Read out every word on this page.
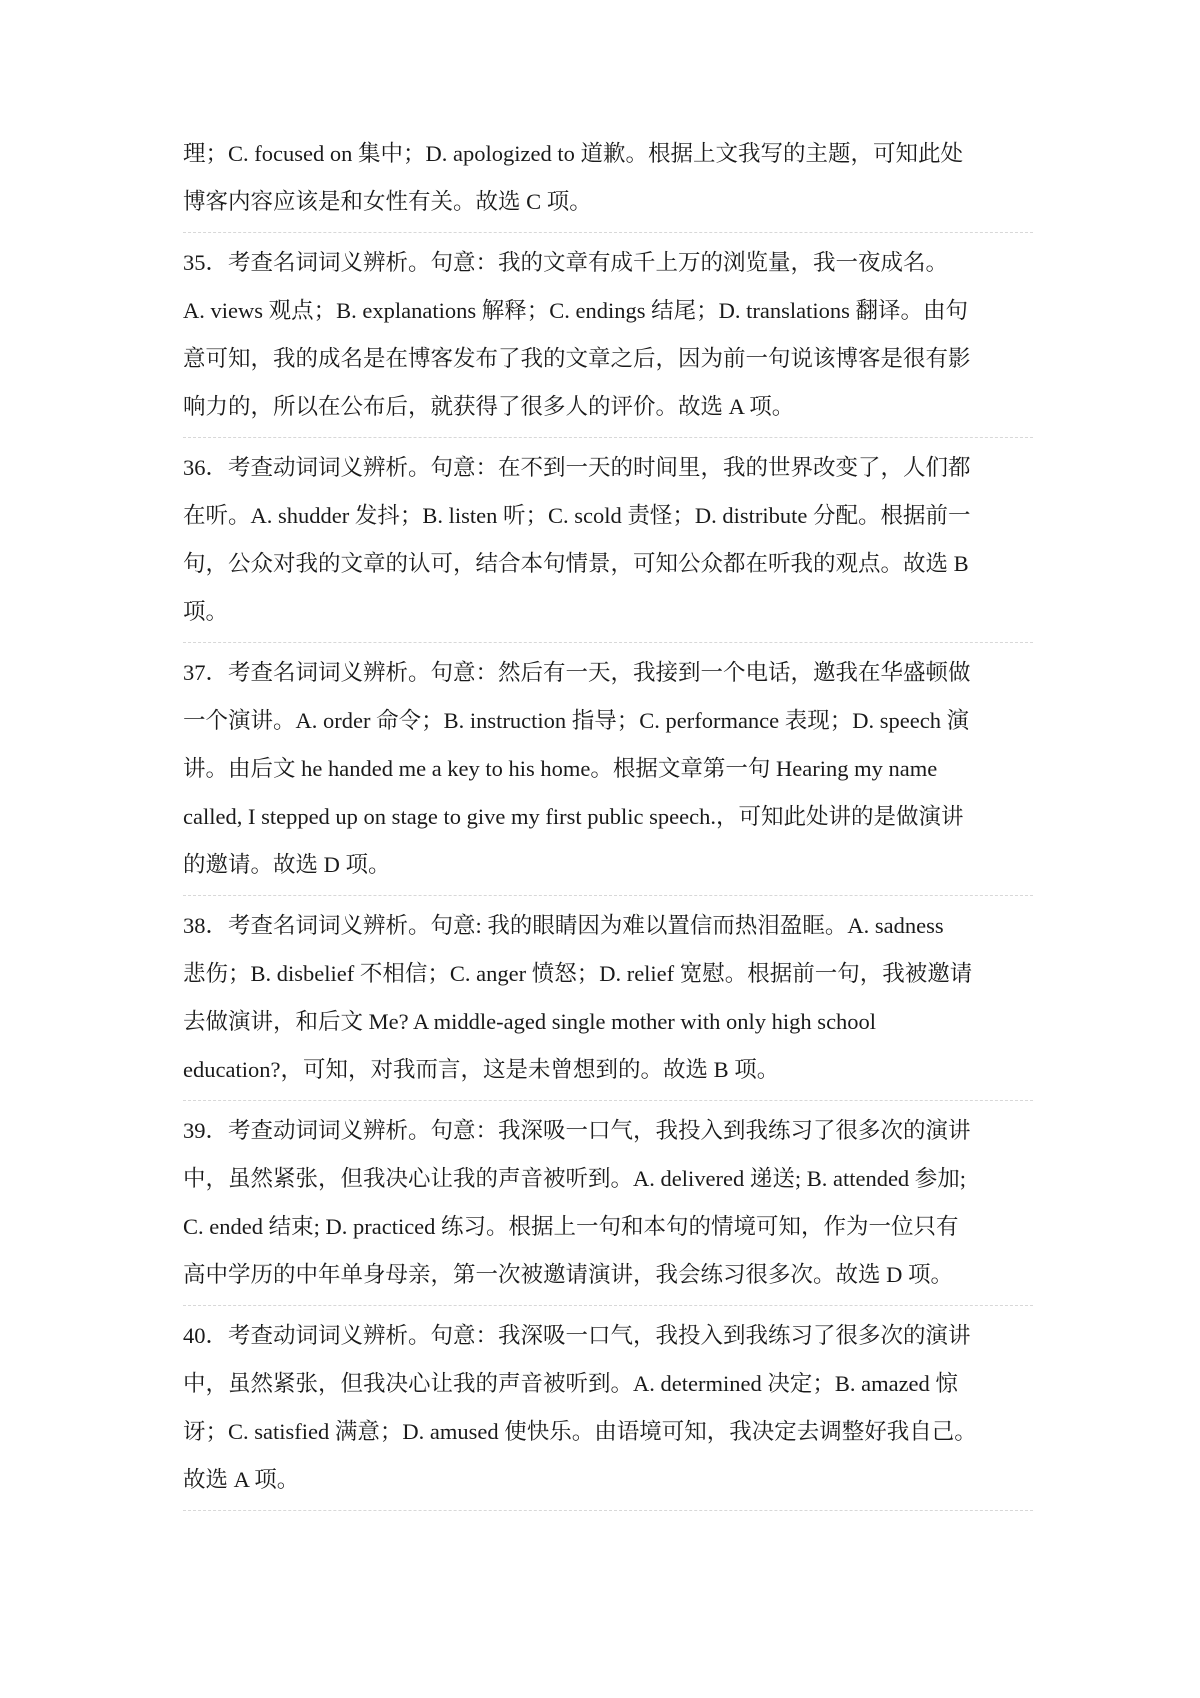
理；C. focused on 集中；D. apologized to 道歉。根据上文我写的主题，可知此处
博客内容应该是和女性有关。故选 C 项。
35．考查名词词义辨析。句意：我的文章有成千上万的浏览量，我一夜成名。
A. views 观点；B. explanations 解释；C. endings 结尾；D. translations 翻译。由句
意可知，我的成名是在博客发布了我的文章之后，因为前一句说该博客是很有影
响力的，所以在公布后，就获得了很多人的评价。故选 A 项。
36．考查动词词义辨析。句意：在不到一天的时间里，我的世界改变了，人们都
在听。A. shudder 发抖；B. listen 听；C. scold 责怪；D. distribute 分配。根据前一
句，公众对我的文章的认可，结合本句情景，可知公众都在听我的观点。故选 B
项。
37．考查名词词义辨析。句意：然后有一天，我接到一个电话，邀我在华盛顿做
一个演讲。A. order 命令；B. instruction 指导；C. performance 表现；D. speech 演
讲。由后文 he handed me a key to his home。根据文章第一句 Hearing my name
called, I stepped up on stage to give my first public speech.，可知此处讲的是做演讲
的邀请。故选 D 项。
38．考查名词词义辨析。句意: 我的眼睛因为难以置信而热泪盈眶。A. sadness
悲伤；B. disbelief 不相信；C. anger 愤怒；D. relief 宽慰。根据前一句，我被邀请
去做演讲，和后文 Me? A middle-aged single mother with only high school
education?，可知，对我而言，这是未曾想到的。故选 B 项。
39．考查动词词义辨析。句意：我深吸一口气，我投入到我练习了很多次的演讲
中，虽然紧张，但我决心让我的声音被听到。A. delivered 递送; B. attended 参加;
C. ended 结束; D. practiced 练习。根据上一句和本句的情境可知，作为一位只有
高中学历的中年单身母亲，第一次被邀请演讲，我会练习很多次。故选 D 项。
40．考查动词词义辨析。句意：我深吸一口气，我投入到我练习了很多次的演讲
中，虽然紧张，但我决心让我的声音被听到。A. determined 决定；B. amazed 惊
讶；C. satisfied 满意；D. amused 使快乐。由语境可知，我决定去调整好我自己。
故选 A 项。
